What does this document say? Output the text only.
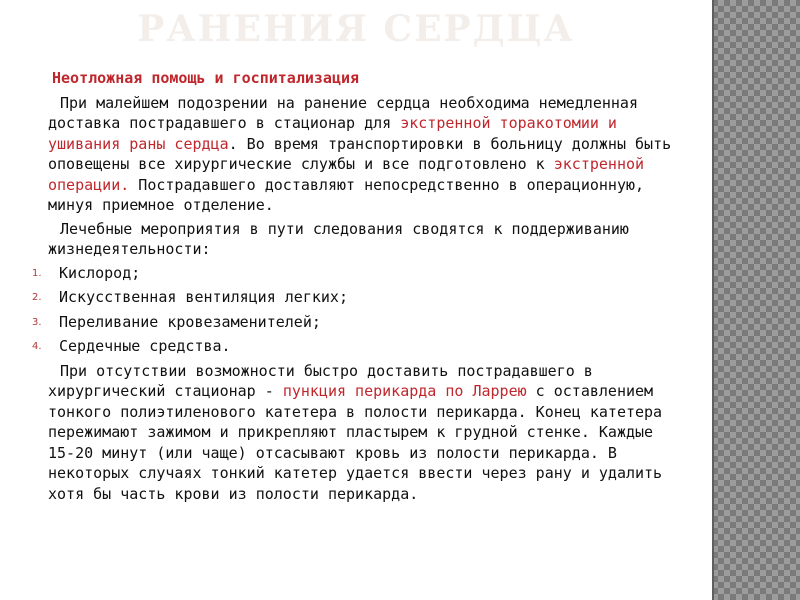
РАНЕНИЯ СЕРДЦА
Неотложная помощь и госпитализация

При малейшем подозрении на ранение сердца необходима немедленная доставка пострадавшего в стационар для экстренной торакотомии и ушивания раны сердца. Во время транспортировки в больницу должны быть оповещены все хирургические службы и все подготовлено к экстренной операции. Пострадавшего доставляют непосредственно в операционную, минуя приемное отделение.

Лечебные мероприятия в пути следования сводятся к поддерживанию жизнедеятельности:

1. Кислород;
2. Искусственная вентиляция легких;
3. Переливание кровезаменителей;
4. Сердечные средства.

При отсутствии возможности быстро доставить пострадавшего в хирургический стационар - пункция перикарда по Ларрею с оставлением тонкого полиэтиленового катетера в полости перикарда. Конец катетера пережимают зажимом и прикрепляют пластырем к грудной стенке. Каждые 15-20 минут (или чаще) отсасывают кровь из полости перикарда. В некоторых случаях тонкий катетер удается ввести через рану и удалить хотя бы часть крови из полости перикарда.
